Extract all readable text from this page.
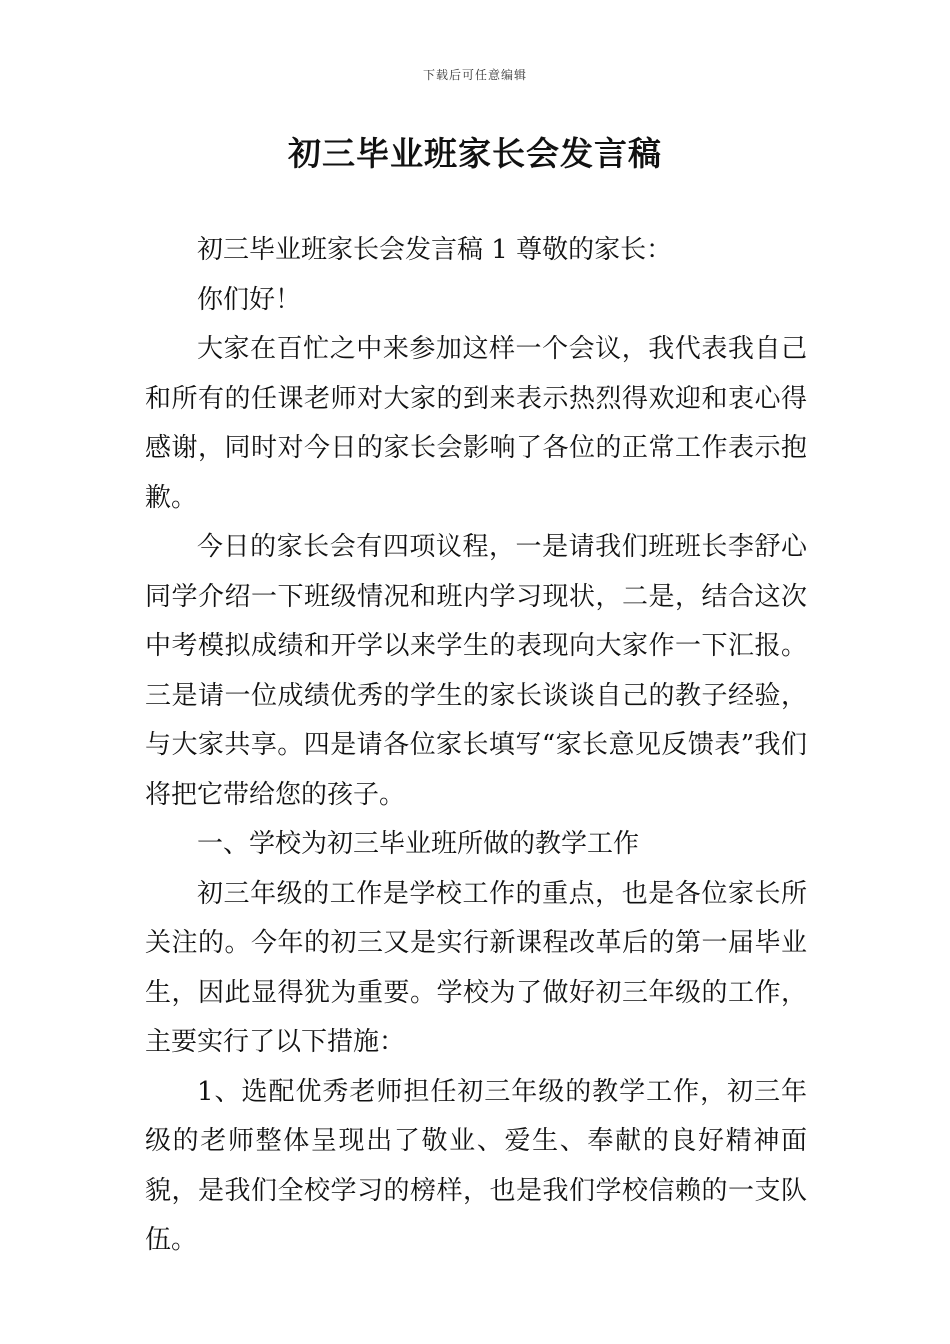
下载后可任意编辑
初三毕业班家长会发言稿

初三毕业班家长会发言稿 1 尊敬的家长：

你们好！

大家在百忙之中来参加这样一个会议，我代表我自己和所有的任课老师对大家的到来表示热烈得欢迎和衷心得感谢，同时对今日的家长会影响了各位的正常工作表示抱歉。

今日的家长会有四项议程，一是请我们班班长李舒心同学介绍一下班级情况和班内学习现状，二是，结合这次中考模拟成绩和开学以来学生的表现向大家作一下汇报。三是请一位成绩优秀的学生的家长谈谈自己的教子经验，与大家共享。四是请各位家长填写“家长意见反馈表”我们将把它带给您的孩子。

一、学校为初三毕业班所做的教学工作

初三年级的工作是学校工作的重点，也是各位家长所关注的。今年的初三又是实行新课程改革后的第一届毕业生，因此显得犹为重要。学校为了做好初三年级的工作，主要实行了以下措施：

1、选配优秀老师担任初三年级的教学工作，初三年级的老师整体呈现出了敬业、爱生、奉献的良好精神面貌，是我们全校学习的榜样，也是我们学校信赖的一支队伍。
